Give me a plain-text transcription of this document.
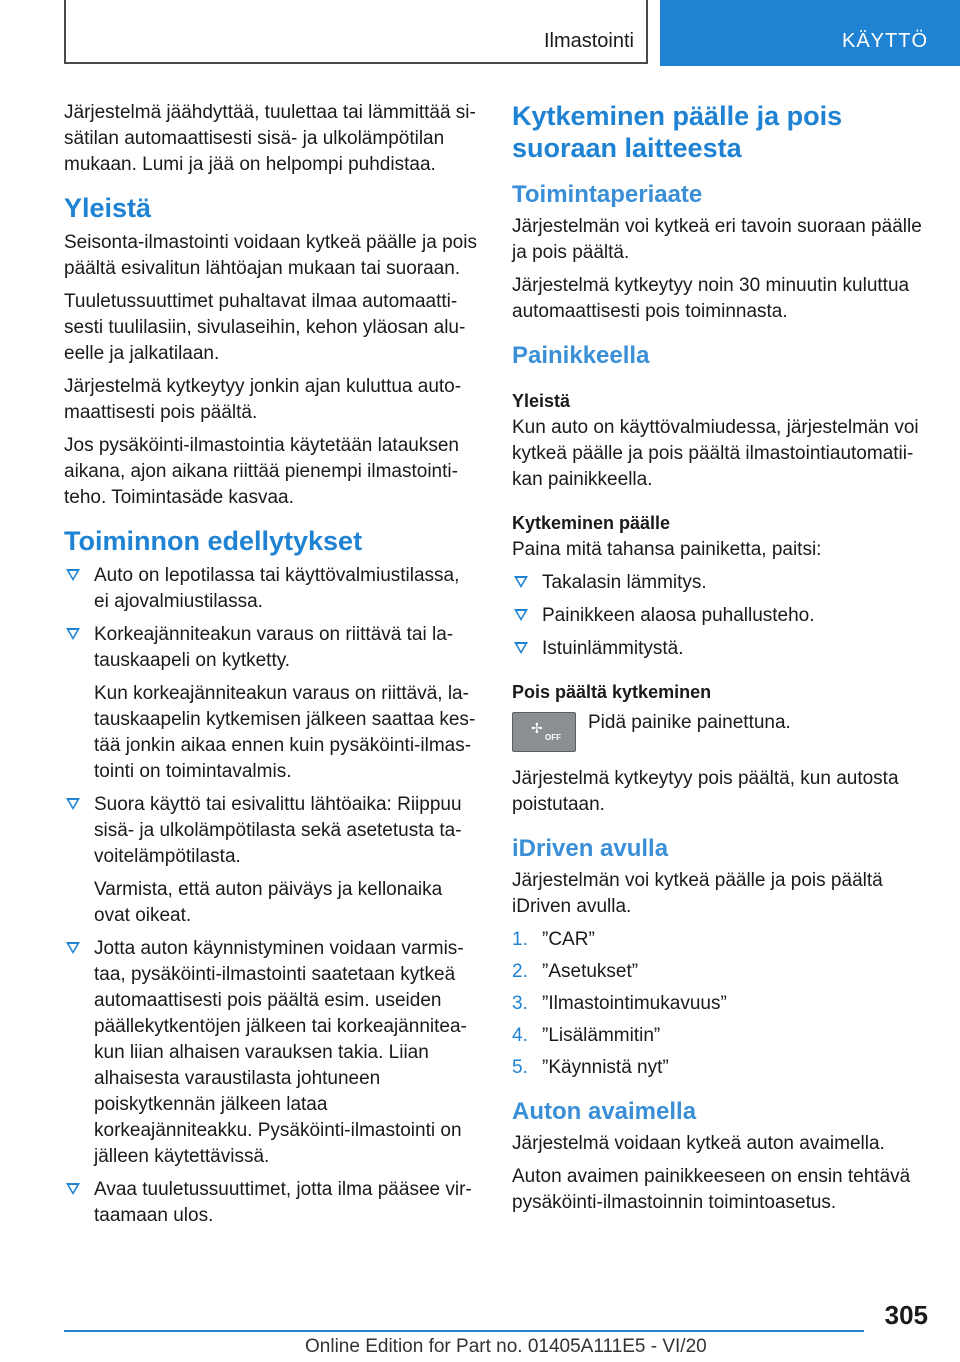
Ilmastointi	KÄYTTÖ

Järjestelmä jäähdyttää, tuulettaa tai lämmittää sisätilan automaattisesti sisä- ja ulkolämpötilan mukaan. Lumi ja jää on helpompi puhdistaa.

Yleistä

Seisonta-ilmastointi voidaan kytkeä päälle ja pois päältä esivalitun lähtöajan mukaan tai suoraan.

Tuuletussuuttimet puhaltavat ilmaa automaattisesti tuulilasiin, sivulaseihin, kehon yläosan alueelle ja jalkatilaan.

Järjestelmä kytkeytyy jonkin ajan kuluttua automaattisesti pois päältä.

Jos pysäköinti-ilmastointia käytetään latauksen aikana, ajon aikana riittää pienempi ilmastointiteho. Toimintasäde kasvaa.

Toiminnon edellytykset

Auto on lepotilassa tai käyttövalmiustilassa, ei ajovalmiustilassa.

Korkeajänniteakun varaus on riittävä tai latauskaapeli on kytketty.

Kun korkeajänniteakun varaus on riittävä, latauskaapelin kytkemisen jälkeen saattaa kestää jonkin aikaa ennen kuin pysäköinti-ilmastointi on toimintavalmis.

Suora käyttö tai esivalittu lähtöaika: Riippuu sisä- ja ulkolämpötilasta sekä asetetusta tavoitelämpötilasta.

Varmista, että auton päiväys ja kellonaika ovat oikeat.

Jotta auton käynnistyminen voidaan varmistaa, pysäköinti-ilmastointi saatetaan kytkeä automaattisesti pois päältä esim. useiden päällekytkentöjen jälkeen tai korkeajänniteakun liian alhaisen varauksen takia. Liian alhaisesta varaustilasta johtuneen poiskytkennän jälkeen lataa korkeajänniteakku. Pysäköinti-ilmastointi on jälleen käytettävissä.

Avaa tuuletussuuttimet, jotta ilma pääsee virtaamaan ulos.

Kytkeminen päälle ja pois suoraan laitteesta
Toimintaperiaate

Järjestelmän voi kytkeä eri tavoin suoraan päälle ja pois päältä.

Järjestelmä kytkeytyy noin 30 minuutin kuluttua automaattisesti pois toiminnasta.

Painikkeella
Yleistä

Kun auto on käyttövalmiudessa, järjestelmän voi kytkeä päälle ja pois päältä ilmastointiautomatiikan painikkeella.

Kytkeminen päälle

Paina mitä tahansa painiketta, paitsi:

Takalasin lämmitys.

Painikkeen alaosa puhallusteho.

Istuinlämmitystä.

Pois päältä kytkeminen
✢
OFF

Pidä painike painettuna.

Järjestelmä kytkeytyy pois päältä, kun autosta poistutaan.

iDriven avulla

Järjestelmän voi kytkeä päälle ja pois päältä iDriven avulla.

1. ”CAR”
2. ”Asetukset”
3. ”Ilmastointimukavuus”
4. ”Lisälämmitin”
5. ”Käynnistä nyt”
Auton avaimella

Järjestelmä voidaan kytkeä auton avaimella.

Auton avaimen painikkeeseen on ensin tehtävä pysäköinti-ilmastoinnin toimintoasetus.

305
Online Edition for Part no. 01405A111E5 - VI/20
